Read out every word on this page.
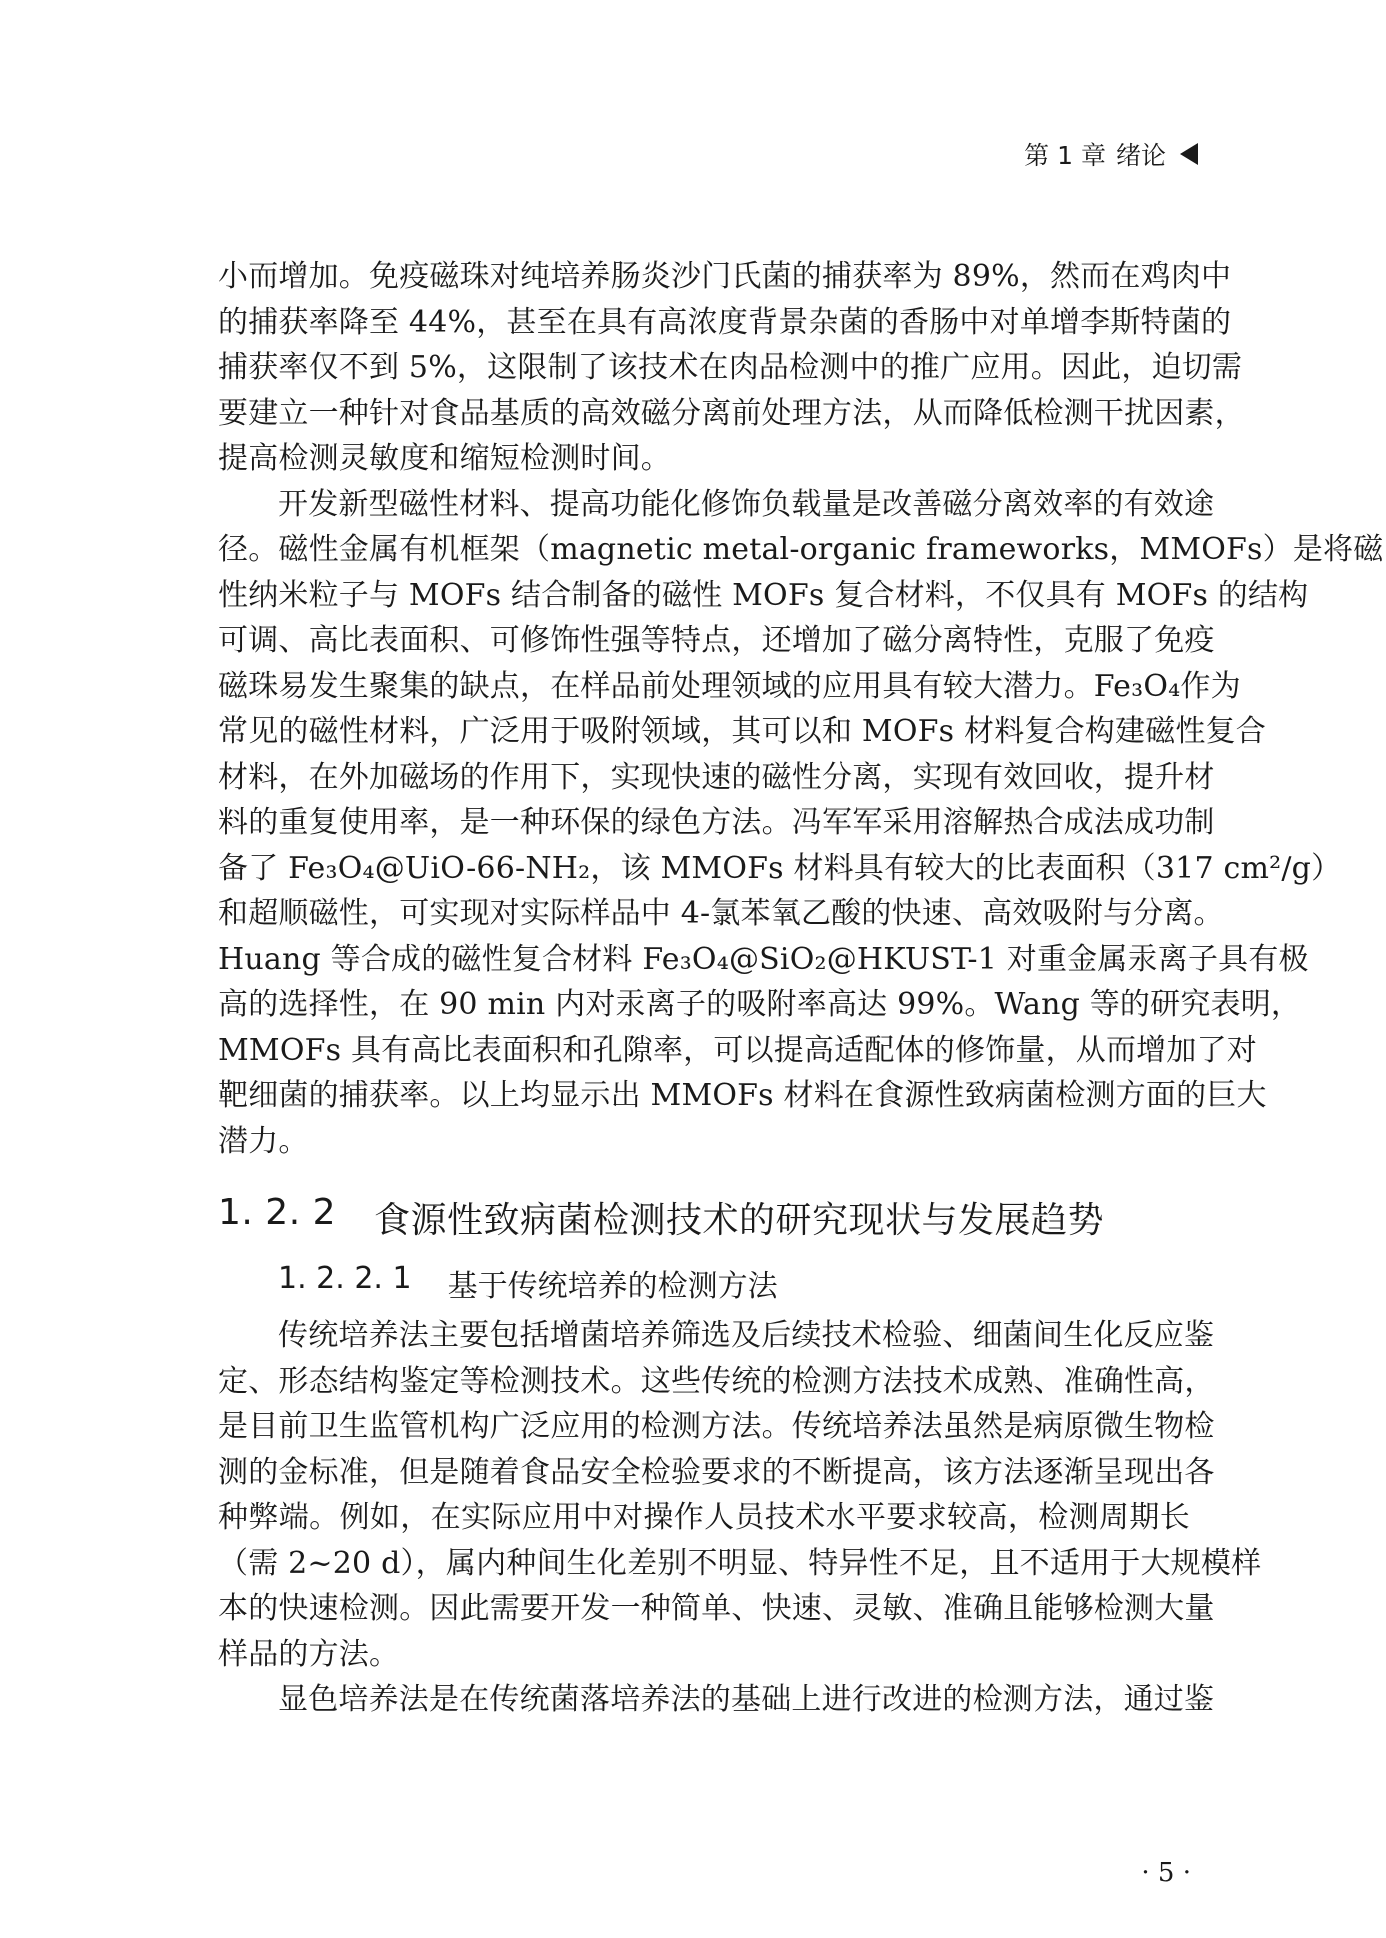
第 1 章 绪论
小而增加。免疫磁珠对纯培养肠炎沙门氏菌的捕获率为 89%，然而在鸡肉中
的捕获率降至 44%，甚至在具有高浓度背景杂菌的香肠中对单增李斯特菌的
捕获率仅不到 5%，这限制了该技术在肉品检测中的推广应用。因此，迫切需
要建立一种针对食品基质的高效磁分离前处理方法，从而降低检测干扰因素，
提高检测灵敏度和缩短检测时间。
开发新型磁性材料、提高功能化修饰负载量是改善磁分离效率的有效途
径。磁性金属有机框架（magnetic metal-organic frameworks，MMOFs）是将磁
性纳米粒子与 MOFs 结合制备的磁性 MOFs 复合材料，不仅具有 MOFs 的结构
可调、高比表面积、可修饰性强等特点，还增加了磁分离特性，克服了免疫
磁珠易发生聚集的缺点，在样品前处理领域的应用具有较大潜力。Fe₃O₄作为
常见的磁性材料，广泛用于吸附领域，其可以和 MOFs 材料复合构建磁性复合
材料，在外加磁场的作用下，实现快速的磁性分离，实现有效回收，提升材
料的重复使用率，是一种环保的绿色方法。冯军军采用溶解热合成法成功制
备了 Fe₃O₄@UiO-66-NH₂，该 MMOFs 材料具有较大的比表面积（317 cm²/g）
和超顺磁性，可实现对实际样品中 4-氯苯氧乙酸的快速、高效吸附与分离。
Huang 等合成的磁性复合材料 Fe₃O₄@SiO₂@HKUST-1 对重金属汞离子具有极
高的选择性，在 90 min 内对汞离子的吸附率高达 99%。Wang 等的研究表明，
MMOFs 具有高比表面积和孔隙率，可以提高适配体的修饰量，从而增加了对
靶细菌的捕获率。以上均显示出 MMOFs 材料在食源性致病菌检测方面的巨大
潜力。
1. 2. 2 食源性致病菌检测技术的研究现状与发展趋势
1. 2. 2. 1 基于传统培养的检测方法
传统培养法主要包括增菌培养筛选及后续技术检验、细菌间生化反应鉴
定、形态结构鉴定等检测技术。这些传统的检测方法技术成熟、准确性高，
是目前卫生监管机构广泛应用的检测方法。传统培养法虽然是病原微生物检
测的金标准，但是随着食品安全检验要求的不断提高，该方法逐渐呈现出各
种弊端。例如，在实际应用中对操作人员技术水平要求较高，检测周期长
（需 2~20 d），属内种间生化差别不明显、特异性不足，且不适用于大规模样
本的快速检测。因此需要开发一种简单、快速、灵敏、准确且能够检测大量
样品的方法。
显色培养法是在传统菌落培养法的基础上进行改进的检测方法，通过鉴
· 5 ·
